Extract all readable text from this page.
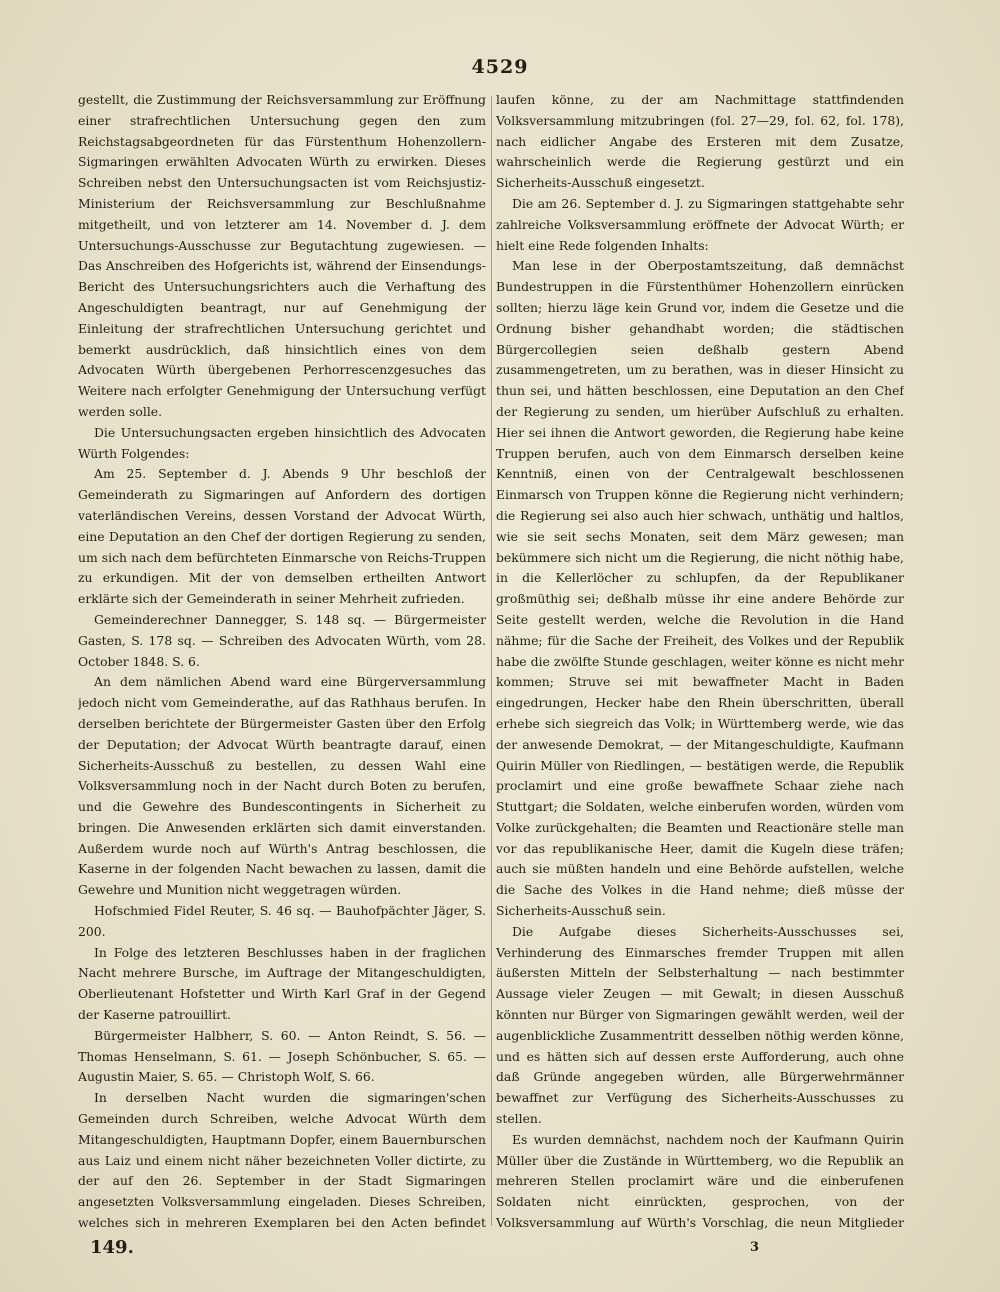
4529

gestellt, die Zustimmung der Reichsversammlung zur Eröffnung einer strafrechtlichen Untersuchung gegen den zum Reichstagsabgeordneten für das Fürstenthum Hohenzollern-Sigmaringen erwählten Advocaten Würth zu erwirken. Dieses Schreiben nebst den Untersuchungsacten ist vom Reichsjustiz-Ministerium der Reichsversammlung zur Beschlußnahme mitgetheilt, und von letzterer am 14. November d. J. dem Untersuchungs-Ausschusse zur Begutachtung zugewiesen. — Das Anschreiben des Hofgerichts ist, während der Einsendungs-Bericht des Untersuchungsrichters auch die Verhaftung des Angeschuldigten beantragt, nur auf Genehmigung der Einleitung der strafrechtlichen Untersuchung gerichtet und bemerkt ausdrücklich, daß hinsichtlich eines von dem Advocaten Würth übergebenen Perhorrescenzgesuches das Weitere nach erfolgter Genehmigung der Untersuchung verfügt werden solle.

Die Untersuchungsacten ergeben hinsichtlich des Advocaten Würth Folgendes:

Am 25. September d. J. Abends 9 Uhr beschloß der Gemeinderath zu Sigmaringen auf Anfordern des dortigen vaterländischen Vereins, dessen Vorstand der Advocat Würth, eine Deputation an den Chef der dortigen Regierung zu senden, um sich nach dem befürchteten Einmarsche von Reichs-Truppen zu erkundigen. Mit der von demselben ertheilten Antwort erklärte sich der Gemeinderath in seiner Mehrheit zufrieden.

Gemeinderechner Dannegger, S. 148 sq. — Bürgermeister Gasten, S. 178 sq. — Schreiben des Advocaten Würth, vom 28. October 1848. S. 6.

An dem nämlichen Abend ward eine Bürgerversammlung jedoch nicht vom Gemeinderathe, auf das Rathhaus berufen. In derselben berichtete der Bürgermeister Gasten über den Erfolg der Deputation; der Advocat Würth beantragte darauf, einen Sicherheits-Ausschuß zu bestellen, zu dessen Wahl eine Volksversammlung noch in der Nacht durch Boten zu berufen, und die Gewehre des Bundescontingents in Sicherheit zu bringen. Die Anwesenden erklärten sich damit einverstanden. Außerdem wurde noch auf Würth's Antrag beschlossen, die Kaserne in der folgenden Nacht bewachen zu lassen, damit die Gewehre und Munition nicht weggetragen würden.

Hofschmied Fidel Reuter, S. 46 sq. — Bauhofpächter Jäger, S. 200.

In Folge des letzteren Beschlusses haben in der fraglichen Nacht mehrere Bursche, im Auftrage der Mitangeschuldigten, Oberlieutenant Hofstetter und Wirth Karl Graf in der Gegend der Kaserne patrouillirt.

Bürgermeister Halbherr, S. 60. — Anton Reindt, S. 56. — Thomas Henselmann, S. 61. — Joseph Schönbucher, S. 65. — Augustin Maier, S. 65. — Christoph Wolf, S. 66.

In derselben Nacht wurden die sigmaringen'schen Gemeinden durch Schreiben, welche Advocat Würth dem Mitangeschuldigten, Hauptmann Dopfer, einem Bauernburschen aus Laiz und einem nicht näher bezeichneten Voller dictirte, zu der auf den 26. September in der Stadt Sigmaringen angesetzten Volksversammlung eingeladen. Dieses Schreiben, welches sich in mehreren Exemplaren bei den Acten befindet

laufen könne, zu der am Nachmittage stattfindenden Volksversammlung mitzubringen (fol. 27—29, fol. 62, fol. 178), nach eidlicher Angabe des Ersteren mit dem Zusatze, wahrscheinlich werde die Regierung gestürzt und ein Sicherheits-Ausschuß eingesetzt.

Die am 26. September d. J. zu Sigmaringen stattgehabte sehr zahlreiche Volksversammlung eröffnete der Advocat Würth; er hielt eine Rede folgenden Inhalts:

Man lese in der Oberpostamtszeitung, daß demnächst Bundestruppen in die Fürstenthümer Hohenzollern einrücken sollten; hierzu läge kein Grund vor, indem die Gesetze und die Ordnung bisher gehandhabt worden; die städtischen Bürgercollegien seien deßhalb gestern Abend zusammengetreten, um zu berathen, was in dieser Hinsicht zu thun sei, und hätten beschlossen, eine Deputation an den Chef der Regierung zu senden, um hierüber Aufschluß zu erhalten. Hier sei ihnen die Antwort geworden, die Regierung habe keine Truppen berufen, auch von dem Einmarsch derselben keine Kenntniß, einen von der Centralgewalt beschlossenen Einmarsch von Truppen könne die Regierung nicht verhindern; die Regierung sei also auch hier schwach, unthätig und haltlos, wie sie seit sechs Monaten, seit dem März gewesen; man bekümmere sich nicht um die Regierung, die nicht nöthig habe, in die Kellerlöcher zu schlupfen, da der Republikaner großmüthig sei; deßhalb müsse ihr eine andere Behörde zur Seite gestellt werden, welche die Revolution in die Hand nähme; für die Sache der Freiheit, des Volkes und der Republik habe die zwölfte Stunde geschlagen, weiter könne es nicht mehr kommen; Struve sei mit bewaffneter Macht in Baden eingedrungen, Hecker habe den Rhein überschritten, überall erhebe sich siegreich das Volk; in Württemberg werde, wie das der anwesende Demokrat, — der Mitangeschuldigte, Kaufmann Quirin Müller von Riedlingen, — bestätigen werde, die Republik proclamirt und eine große bewaffnete Schaar ziehe nach Stuttgart; die Soldaten, welche einberufen worden, würden vom Volke zurückgehalten; die Beamten und Reactionäre stelle man vor das republikanische Heer, damit die Kugeln diese träfen; auch sie müßten handeln und eine Behörde aufstellen, welche die Sache des Volkes in die Hand nehme; dieß müsse der Sicherheits-Ausschuß sein.

Die Aufgabe dieses Sicherheits-Ausschusses sei, Verhinderung des Einmarsches fremder Truppen mit allen äußersten Mitteln der Selbsterhaltung — nach bestimmter Aussage vieler Zeugen — mit Gewalt; in diesen Ausschuß könnten nur Bürger von Sigmaringen gewählt werden, weil der augenblickliche Zusammentritt desselben nöthig werden könne, und es hätten sich auf dessen erste Aufforderung, auch ohne daß Gründe angegeben würden, alle Bürgerwehrmänner bewaffnet zur Verfügung des Sicherheits-Ausschusses zu stellen.

Es wurden demnächst, nachdem noch der Kaufmann Quirin Müller über die Zustände in Württemberg, wo die Republik an mehreren Stellen proclamirt wäre und die einberufenen Soldaten nicht einrückten, gesprochen, von der Volksversammlung auf Würth's Vorschlag, die neun Mitglieder

149.	3
